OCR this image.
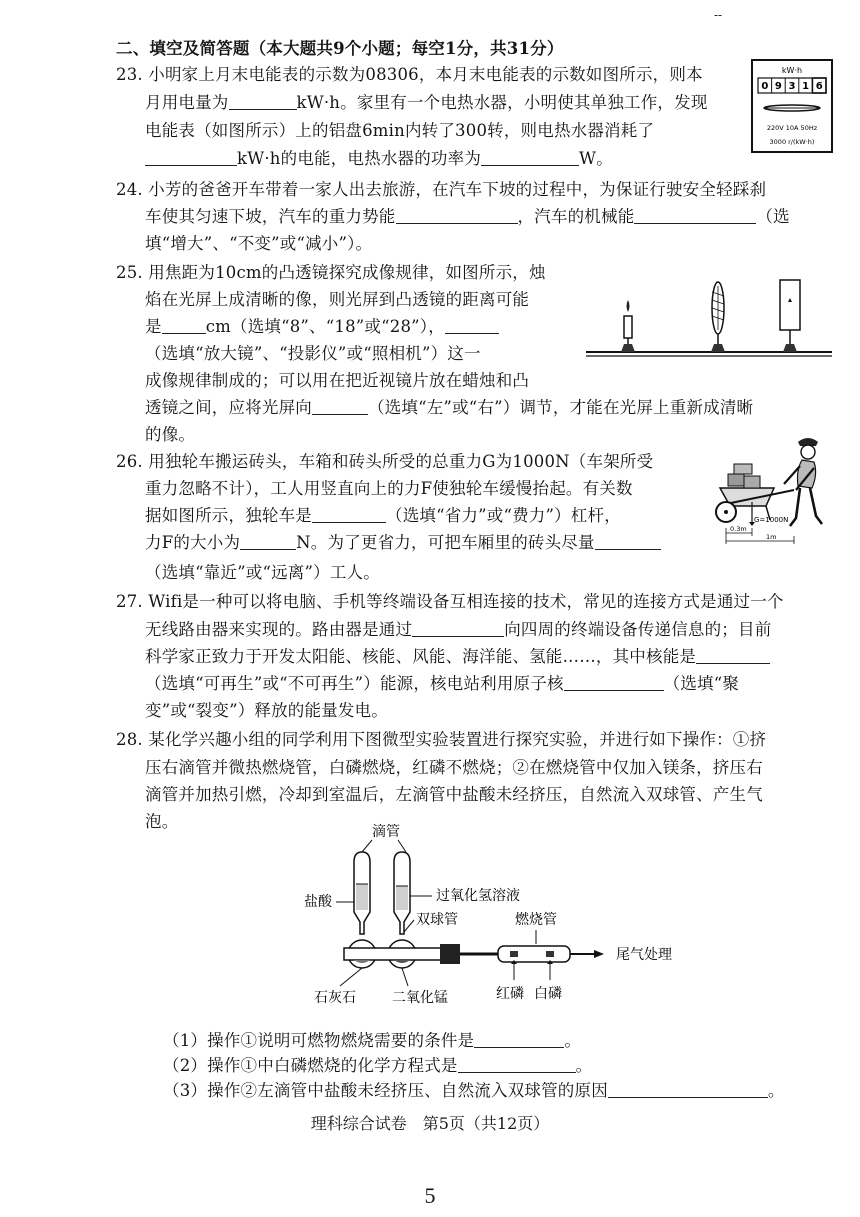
--
二、填空及简答题（本大题共9个小题；每空1分，共31分）
23. 小明家上月末电能表的示数为08306，本月末电能表的示数如图所示，则本
月用电量为	kW·h。家里有一个电热水器，小明使其单独工作，发现
电能表（如图所示）上的铝盘6min内转了300转，则电热水器消耗了
kW·h的电能，电热水器的功率为	W。
kW·h
0 9 3 1 6
220V 10A 50Hz
3000 r/(kW·h)
24. 小芳的爸爸开车带着一家人出去旅游，在汽车下坡的过程中，为保证行驶安全轻踩刹
车使其匀速下坡，汽车的重力势能	，汽车的机械能	（选
填“增大”、“不变”或“减小”）。
25. 用焦距为10cm的凸透镜探究成像规律，如图所示，烛
焰在光屏上成清晰的像，则光屏到凸透镜的距离可能
是	cm（选填“8”、“18”或“28”），
（选填“放大镜”、“投影仪”或“照相机”）这一
成像规律制成的；可以用在把近视镜片放在蜡烛和凸
透镜之间，应将光屏向	（选填“左”或“右”）调节，才能在光屏上重新成清晰
的像。
26. 用独轮车搬运砖头，车箱和砖头所受的总重力G为1000N（车架所受
重力忽略不计），工人用竖直向上的力F使独轮车缓慢抬起。有关数
据如图所示，独轮车是	（选填“省力”或“费力”）杠杆，
力F的大小为	N。为了更省力，可把车厢里的砖头尽量
（选填“靠近”或“远离”）工人。
G=1000N
0.3m
1m
27. Wifi是一种可以将电脑、手机等终端设备互相连接的技术，常见的连接方式是通过一个
无线路由器来实现的。路由器是通过	向四周的终端设备传递信息的；目前
科学家正致力于开发太阳能、核能、风能、海洋能、氢能……，其中核能是
（选填“可再生”或“不可再生”）能源，核电站利用原子核	（选填“聚
变”或“裂变”）释放的能量发电。
28. 某化学兴趣小组的同学利用下图微型实验装置进行探究实验，并进行如下操作：①挤
压右滴管并微热燃烧管，白磷燃烧，红磷不燃烧；②在燃烧管中仅加入镁条，挤压右
滴管并加热引燃，冷却到室温后，左滴管中盐酸未经挤压，自然流入双球管、产生气
泡。
滴管
盐酸	过氧化氢溶液
双球管	燃烧管
尾气处理
石灰石	二氧化锰	红磷 白磷
（1）操作①说明可燃物燃烧需要的条件是	。
（2）操作①中白磷燃烧的化学方程式是	。
（3）操作②左滴管中盐酸未经挤压、自然流入双球管的原因	。
理科综合试卷　第5页（共12页）
5
